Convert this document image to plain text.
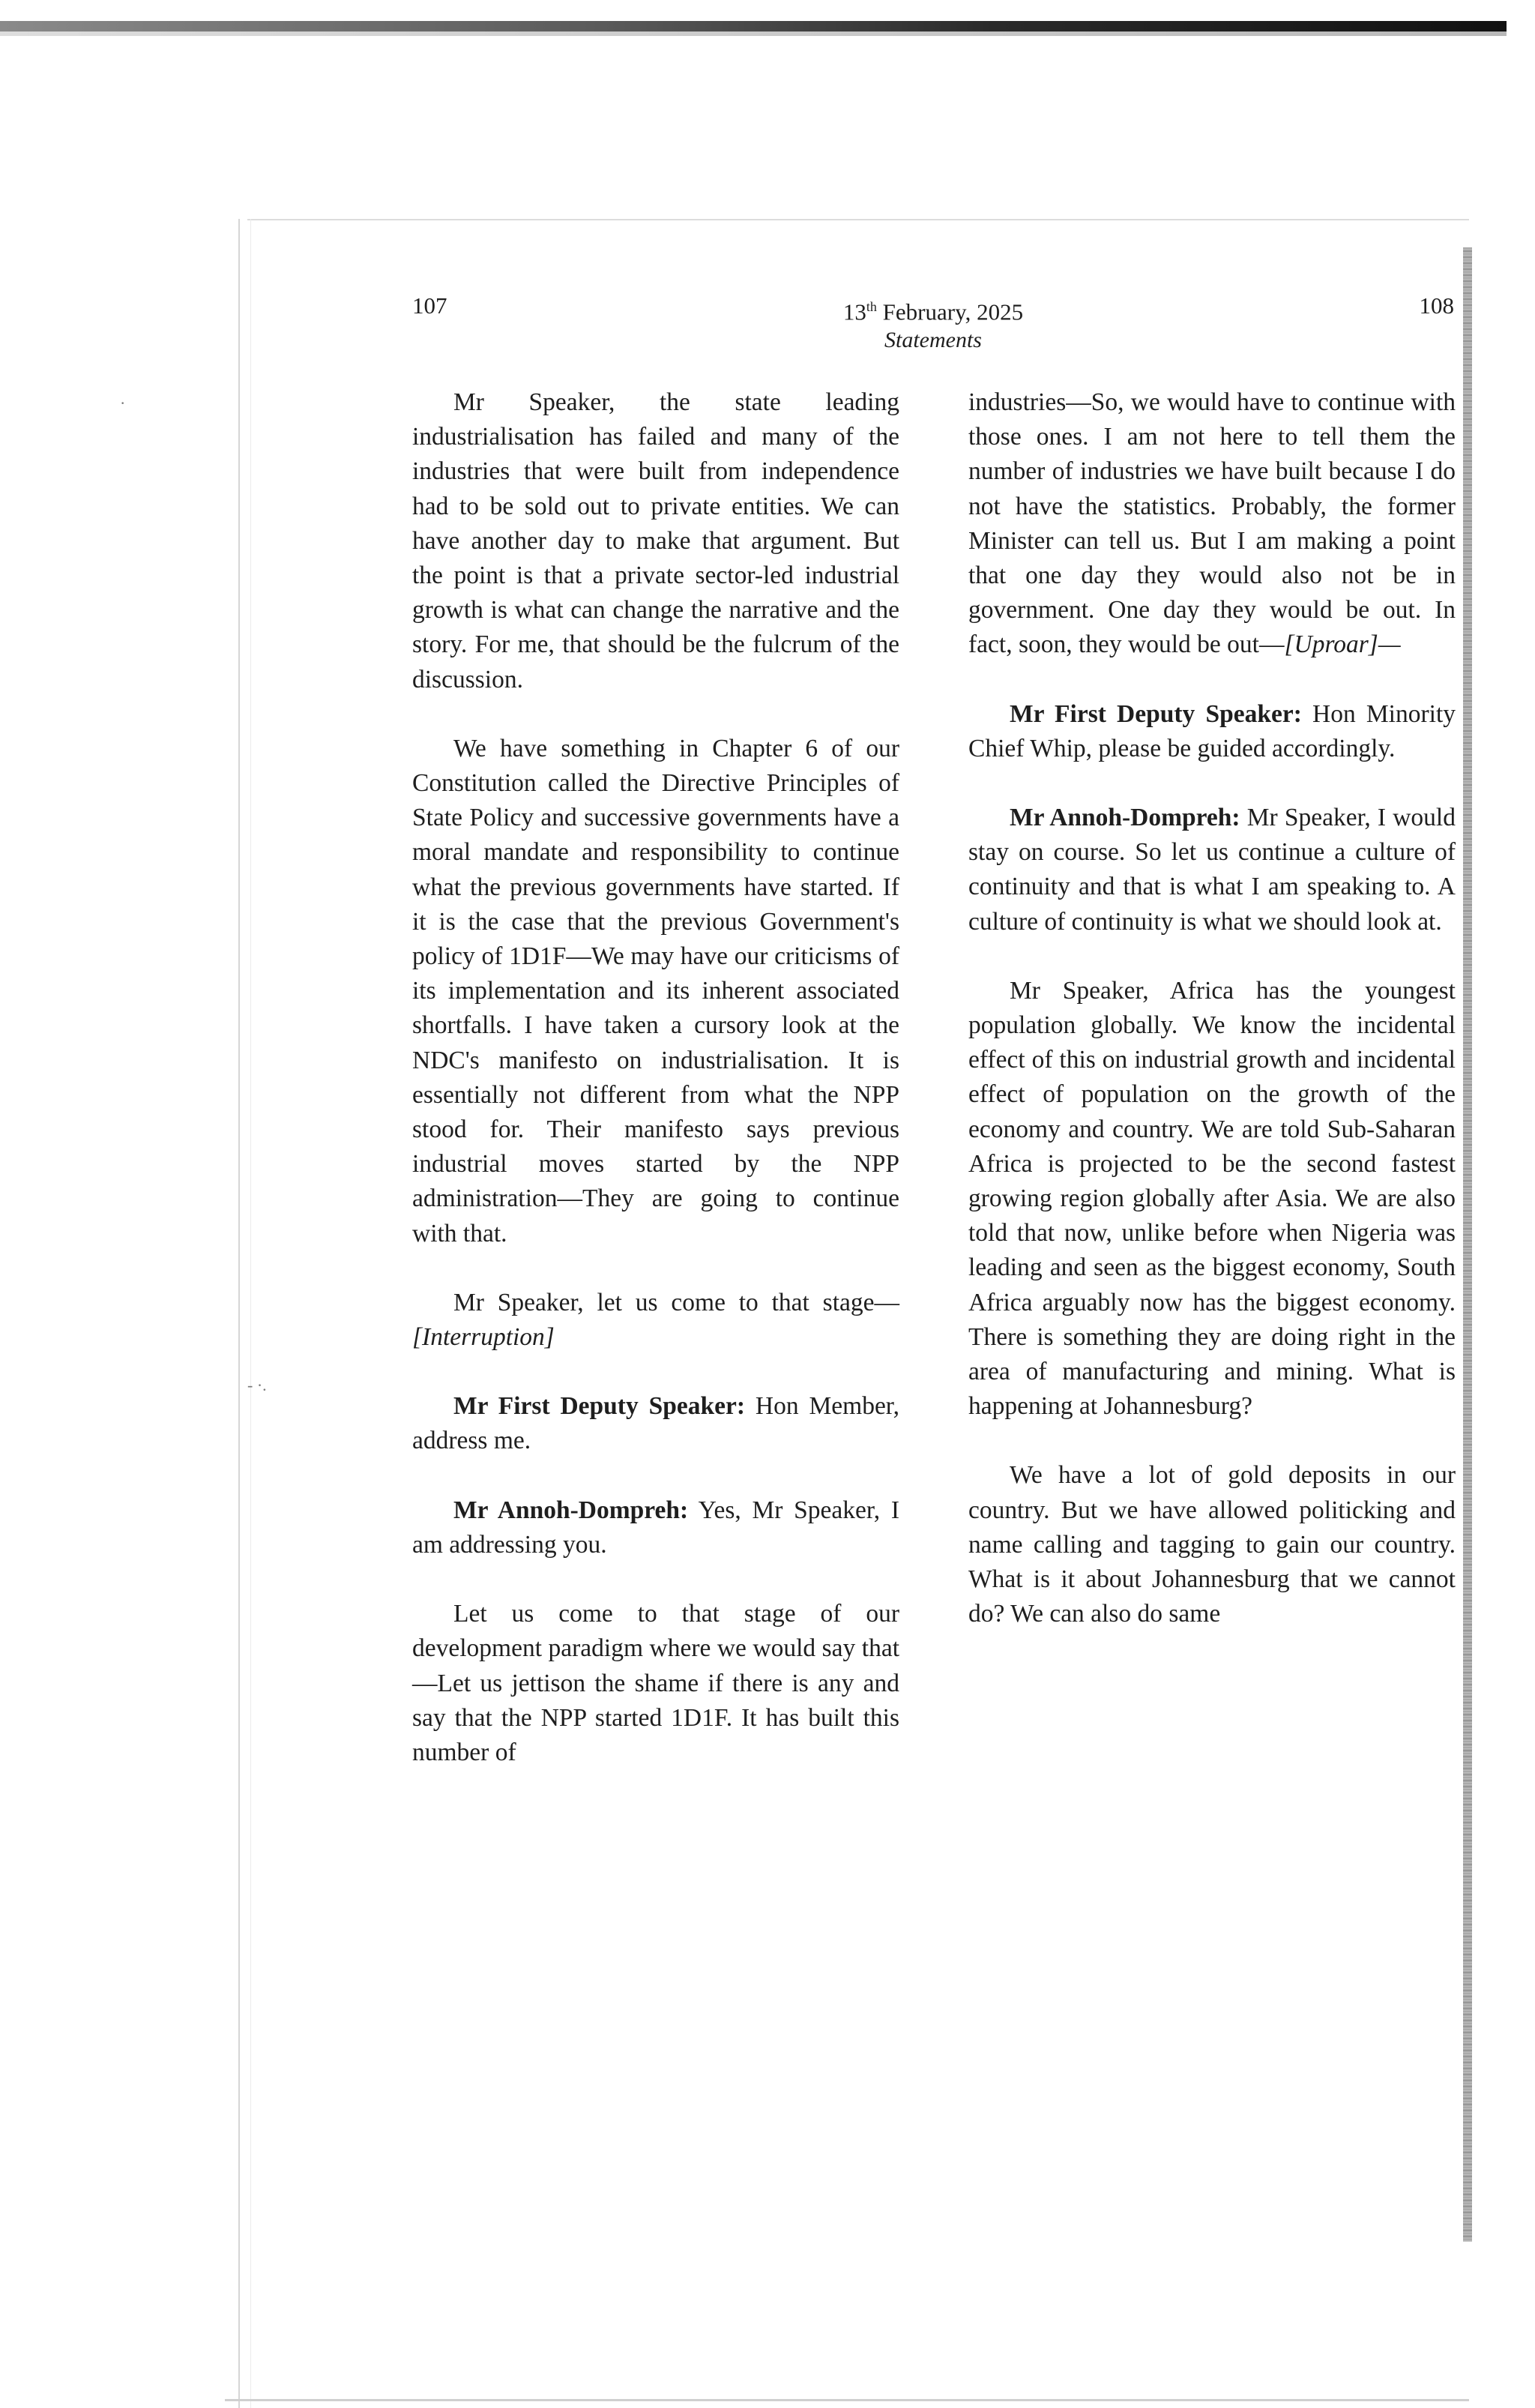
·
- ·.
107	13th February, 2025
Statements
108

Mr Speaker, the state leading industrialisation has failed and many of the industries that were built from independence had to be sold out to private entities. We can have another day to make that argument. But the point is that a private sector-led industrial growth is what can change the narrative and the story. For me, that should be the fulcrum of the discussion.

We have something in Chapter 6 of our Constitution called the Directive Principles of State Policy and successive governments have a moral mandate and responsibility to continue what the previous governments have started. If it is the case that the previous Government's policy of 1D1F—We may have our criticisms of its implementation and its inherent associated shortfalls. I have taken a cursory look at the NDC's manifesto on industrialisation. It is essentially not different from what the NPP stood for. Their manifesto says previous industrial moves started by the NPP administration—They are going to continue with that.

Mr Speaker, let us come to that stage—[Interruption]

Mr First Deputy Speaker: Hon Member, address me.

Mr Annoh-Dompreh: Yes, Mr Speaker, I am addressing you.

Let us come to that stage of our development paradigm where we would say that—Let us jettison the shame if there is any and say that the NPP started 1D1F. It has built this number of

industries—So, we would have to continue with those ones. I am not here to tell them the number of industries we have built because I do not have the statistics. Probably, the former Minister can tell us. But I am making a point that one day they would also not be in government. One day they would be out. In fact, soon, they would be out—[Uproar]—

Mr First Deputy Speaker: Hon Minority Chief Whip, please be guided accordingly.

Mr Annoh-Dompreh: Mr Speaker, I would stay on course. So let us continue a culture of continuity and that is what I am speaking to. A culture of continuity is what we should look at.

Mr Speaker, Africa has the youngest population globally. We know the incidental effect of this on industrial growth and incidental effect of population on the growth of the economy and country. We are told Sub-Saharan Africa is projected to be the second fastest growing region globally after Asia. We are also told that now, unlike before when Nigeria was leading and seen as the biggest economy, South Africa arguably now has the biggest economy. There is something they are doing right in the area of manufacturing and mining. What is happening at Johannesburg?

We have a lot of gold deposits in our country. But we have allowed politicking and name calling and tagging to gain our country. What is it about Johannesburg that we cannot do? We can also do same
